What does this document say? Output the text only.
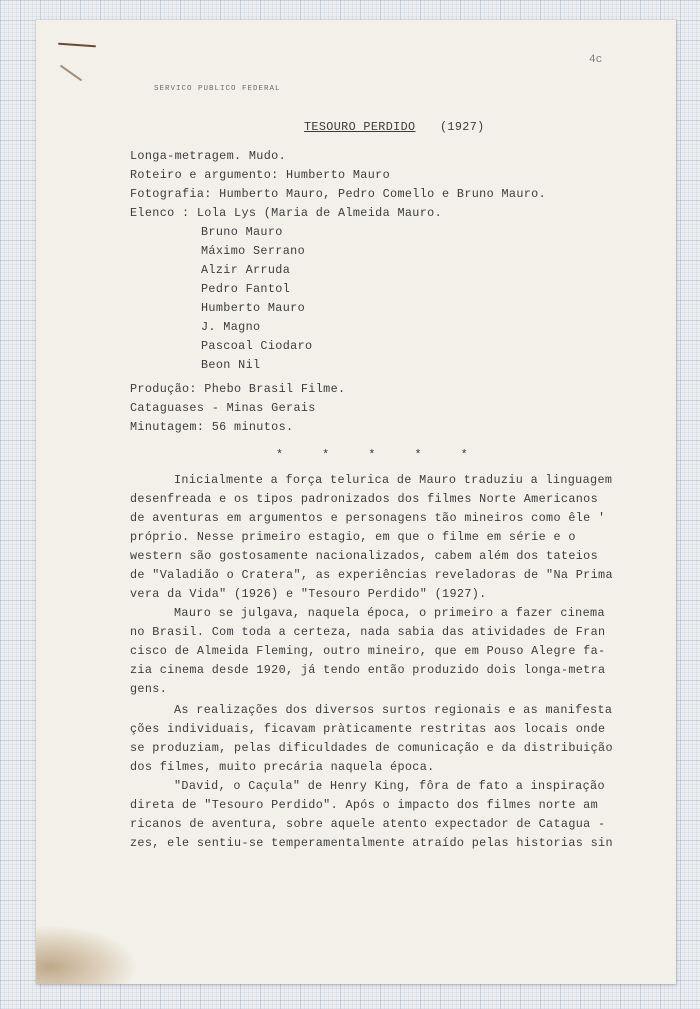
4c
SERVICO PUBLICO FEDERAL
TESOURO PERDIDO (1927)
Longa-metragem. Mudo.
Roteiro e argumento: Humberto Mauro
Fotografia: Humberto Mauro, Pedro Comello e Bruno Mauro.
Elenco : Lola Lys (Maria de Almeida Mauro.
Bruno Mauro
Máximo Serrano
Alzir Arruda
Pedro Fantol
Humberto Mauro
J. Magno
Pascoal Ciodaro
Beon Nil
Produção: Phebo Brasil Filme.
Cataguases - Minas Gerais
Minutagem: 56 minutos.
* * * * *
Inicialmente a força telurica de Mauro traduziu a linguagem
desenfreada e os tipos padronizados dos filmes Norte Americanos
de aventuras em argumentos e personagens tão mineiros como êle '
próprio. Nesse primeiro estagio, em que o filme em série e o
western são gostosamente nacionalizados, cabem além dos tateios
de "Valadião o Cratera", as experiências reveladoras de "Na Prima
vera da Vida" (1926) e "Tesouro Perdido" (1927).
Mauro se julgava, naquela época, o primeiro a fazer cinema
no Brasil. Com toda a certeza, nada sabia das atividades de Fran
cisco de Almeida Fleming, outro mineiro, que em Pouso Alegre fa-
zia cinema desde 1920, já tendo então produzido dois longa-metra
gens.
As realizações dos diversos surtos regionais e as manifesta
ções individuais, ficavam pràticamente restritas aos locais onde
se produziam, pelas dificuldades de comunicação e da distribuição
dos filmes, muito precária naquela época.
"David, o Caçula" de Henry King, fôra de fato a inspiração
direta de "Tesouro Perdido". Após o impacto dos filmes norte am
ricanos de aventura, sobre aquele atento expectador de Catagua -
zes, ele sentiu-se temperamentalmente atraído pelas historias sin
